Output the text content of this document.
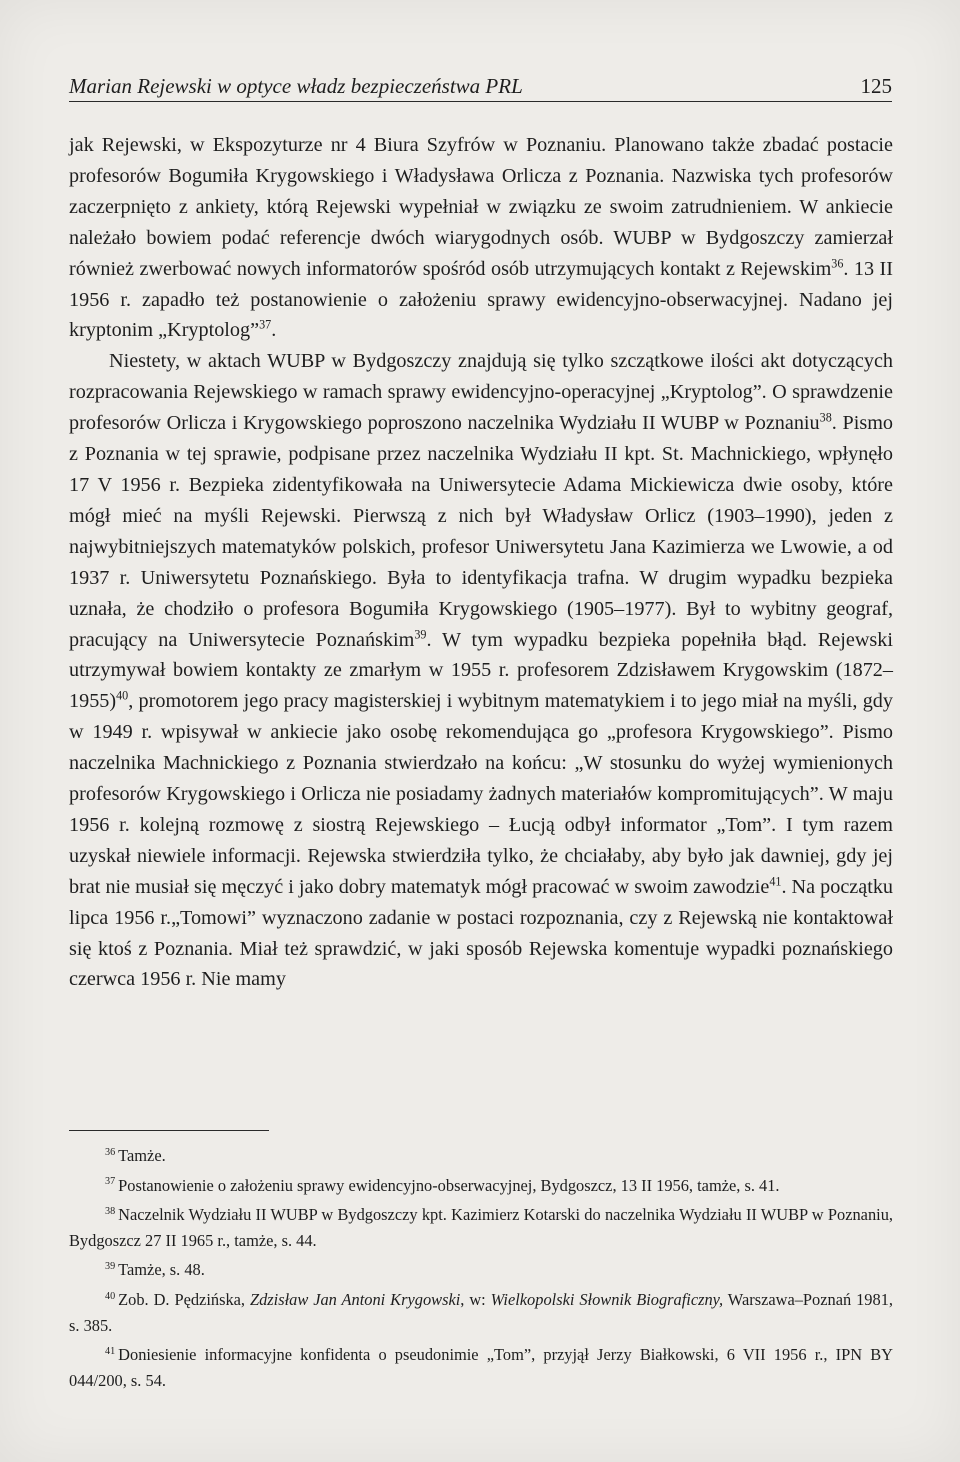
Marian Rejewski w optyce władz bezpieczeństwa PRL	125

jak Rejewski, w Ekspozyturze nr 4 Biura Szyfrów w Poznaniu. Planowano także zbadać postacie profesorów Bogumiła Krygowskiego i Władysława Orlicza z Poznania. Nazwiska tych profesorów zaczerpnięto z ankiety, którą Rejewski wypełniał w związku ze swoim zatrudnieniem. W ankiecie należało bowiem podać referencje dwóch wiarygodnych osób. WUBP w Bydgoszczy zamierzał również zwerbować nowych informatorów spośród osób utrzymujących kontakt z Rejewskim$^{36}$. 13 II 1956 r. zapadło też postanowienie o założeniu sprawy ewidencyjno-obserwacyjnej. Nadano jej kryptonim „Kryptolog”$^{37}$.

Niestety, w aktach WUBP w Bydgoszczy znajdują się tylko szczątkowe ilości akt dotyczących rozpracowania Rejewskiego w ramach sprawy ewidencyjno-operacyjnej „Kryptolog”. O sprawdzenie profesorów Orlicza i Krygowskiego poproszono naczelnika Wydziału II WUBP w Poznaniu$^{38}$. Pismo z Poznania w tej sprawie, podpisane przez naczelnika Wydziału II kpt. St. Machnickiego, wpłynęło 17 V 1956 r. Bezpieka zidentyfikowała na Uniwersytecie Adama Mickiewicza dwie osoby, które mógł mieć na myśli Rejewski. Pierwszą z nich był Władysław Orlicz (1903–1990), jeden z najwybitniejszych matematyków polskich, profesor Uniwersytetu Jana Kazimierza we Lwowie, a od 1937 r. Uniwersytetu Poznańskiego. Była to identyfikacja trafna. W drugim wypadku bezpieka uznała, że chodziło o profesora Bogumiła Krygowskiego (1905–1977). Był to wybitny geograf, pracujący na Uniwersytecie Poznańskim$^{39}$. W tym wypadku bezpieka popełniła błąd. Rejewski utrzymywał bowiem kontakty ze zmarłym w 1955 r. profesorem Zdzisławem Krygowskim (1872–1955)$^{40}$, promotorem jego pracy magisterskiej i wybitnym matematykiem i to jego miał na myśli, gdy w 1949 r. wpisywał w ankiecie jako osobę rekomendująca go „profesora Krygowskiego”. Pismo naczelnika Machnickiego z Poznania stwierdzało na końcu: „W stosunku do wyżej wymienionych profesorów Krygowskiego i Orlicza nie posiadamy żadnych materiałów kompromitujących”. W maju 1956 r. kolejną rozmowę z siostrą Rejewskiego – Łucją odbył informator „Tom”. I tym razem uzyskał niewiele informacji. Rejewska stwierdziła tylko, że chciałaby, aby było jak dawniej, gdy jej brat nie musiał się męczyć i jako dobry matematyk mógł pracować w swoim zawodzie$^{41}$. Na początku lipca 1956 r.„Tomowi” wyznaczono zadanie w postaci rozpoznania, czy z Rejewską nie kontaktował się ktoś z Poznania. Miał też sprawdzić, w jaki sposób Rejewska komentuje wypadki poznańskiego czerwca 1956 r. Nie mamy

$^{36}$ Tamże.

$^{37}$ Postanowienie o założeniu sprawy ewidencyjno-obserwacyjnej, Bydgoszcz, 13 II 1956, tamże, s. 41.

$^{38}$ Naczelnik Wydziału II WUBP w Bydgoszczy kpt. Kazimierz Kotarski do naczelnika Wydziału II WUBP w Poznaniu, Bydgoszcz 27 II 1965 r., tamże, s. 44.

$^{39}$ Tamże, s. 48.

$^{40}$ Zob. D. Pędzińska, Zdzisław Jan Antoni Krygowski, w: Wielkopolski Słownik Biograficzny, Warszawa–Poznań 1981, s. 385.

$^{41}$ Doniesienie informacyjne konfidenta o pseudonimie „Tom”, przyjął Jerzy Białkowski, 6 VII 1956 r., IPN BY 044/200, s. 54.
